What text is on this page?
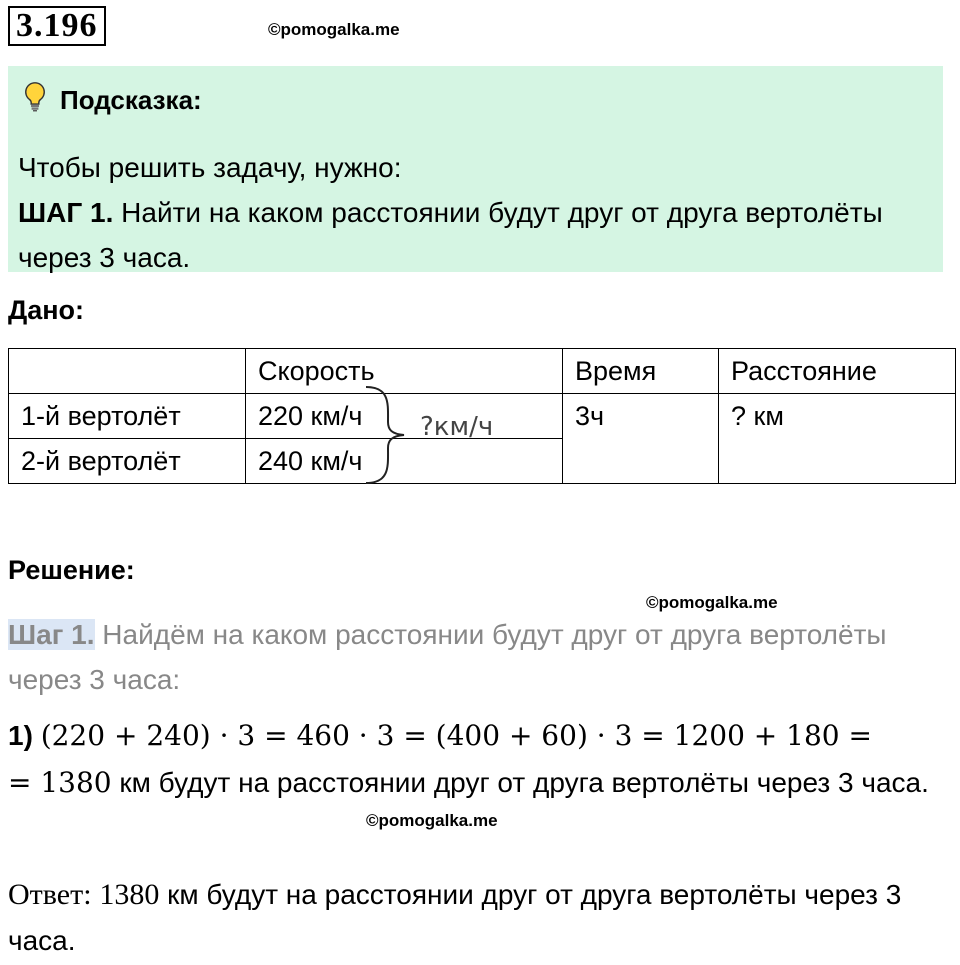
3.196	©pomogalka.me
Подсказка:
Чтобы решить задачу, нужно:
ШАГ 1. Найти на каком расстоянии будут друг от друга вертолёты через 3 часа.
Дано:
	Скорость	Время	Расстояние
1-й вертолёт	220 км/ч	3ч	? км
2-й вертолёт	240 км/ч		
?км/ч
Решение:
©pomogalka.me
Шаг 1. Найдём на каком расстоянии будут друг от друга вертолёты через 3 часа:
1) (220 + 240) · 3 = 460 · 3 = (400 + 60) · 3 = 1200 + 180 =
= 1380 км будут на расстоянии друг от друга вертолёты через 3 часа.
©pomogalka.me
Ответ: 1380 км будут на расстоянии друг от друга вертолёты через 3 часа.
